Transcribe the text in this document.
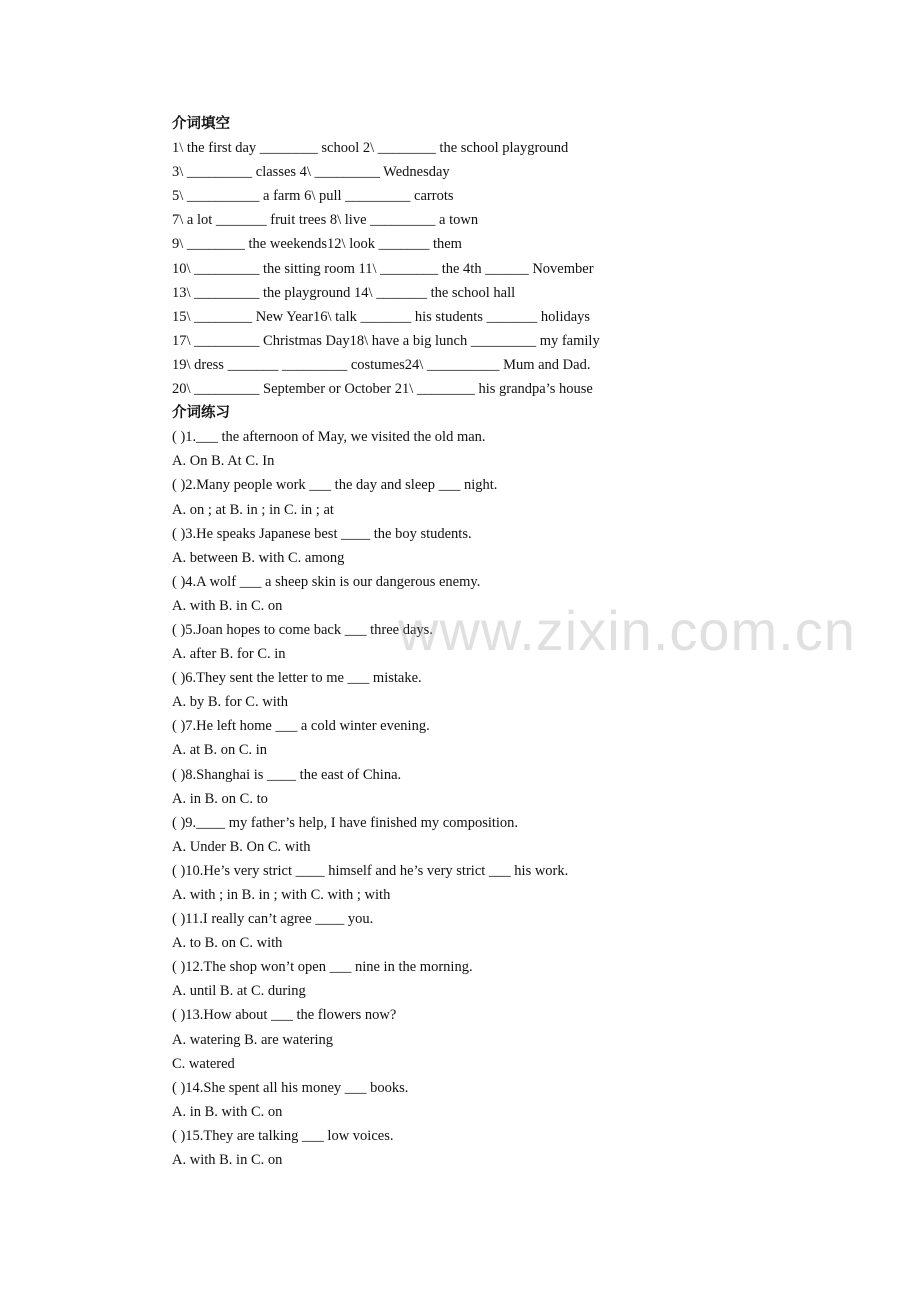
介词填空
1\ the first day ________ school 2\ ________ the school playground
3\ _________ classes 4\ _________ Wednesday
5\ __________ a farm 6\ pull _________ carrots
7\ a lot _______ fruit trees 8\ live _________ a town
9\ ________ the weekends12\ look _______ them
10\ _________ the sitting room 11\ ________ the 4th ______ November
13\ _________ the playground 14\ _______ the school hall
15\ ________ New Year16\ talk _______ his students _______ holidays
17\ _________ Christmas Day18\ have a big lunch _________ my family
19\ dress _______ _________ costumes24\ __________ Mum and Dad.
20\ _________ September or October 21\ ________ his grandpa’s house
介词练习
( )1.___ the afternoon of May, we visited the old man.
A. On B. At C. In
( )2.Many people work ___ the day and sleep ___ night.
A. on ; at B. in ; in C. in ; at
( )3.He speaks Japanese best ____ the boy students.
A. between B. with C. among
( )4.A wolf ___ a sheep skin is our dangerous enemy.
A. with B. in C. on
( )5.Joan hopes to come back ___ three days.
A. after B. for C. in
( )6.They sent the letter to me ___ mistake.
A. by B. for C. with
( )7.He left home ___ a cold winter evening.
A. at B. on C. in
( )8.Shanghai is ____ the east of China.
A. in B. on C. to
( )9.____ my father’s help, I have finished my composition.
A. Under B. On C. with
( )10.He’s very strict ____ himself and he’s very strict ___ his work.
A. with ; in B. in ; with C. with ; with
( )11.I really can’t agree ____ you.
A. to B. on C. with
( )12.The shop won’t open ___ nine in the morning.
A. until B. at C. during
( )13.How about ___ the flowers now?
A. watering B. are watering
C. watered
( )14.She spent all his money ___ books.
A. in B. with C. on
( )15.They are talking ___ low voices.
A. with B. in C. on
www.zixin.com.cn
